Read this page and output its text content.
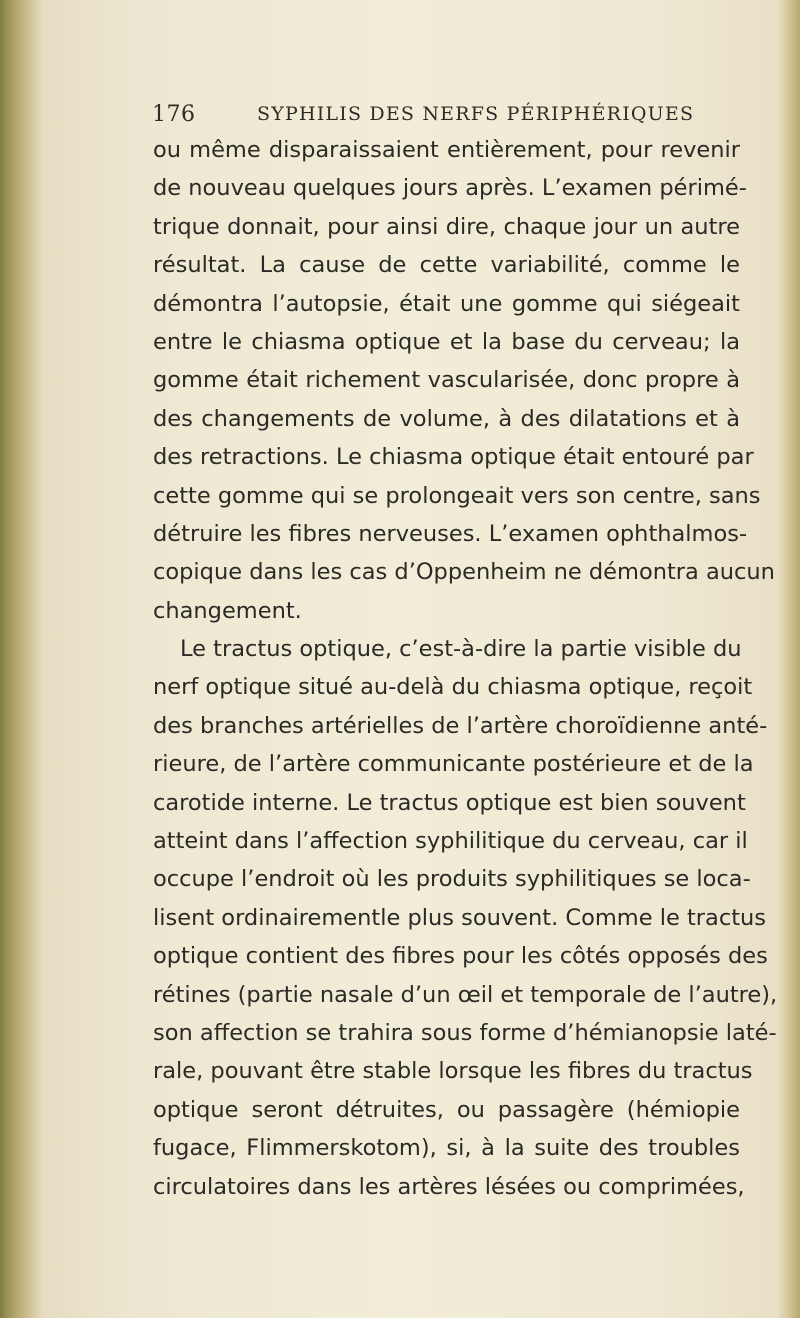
176	SYPHILIS DES NERFS PÉRIPHÉRIQUES
ou même disparaissaient entièrement, pour revenir
de nouveau quelques jours après. L’examen périmé-
trique donnait, pour ainsi dire, chaque jour un autre
résultat. La cause de cette variabilité, comme le
démontra l’autopsie, était une gomme qui siégeait
entre le chiasma optique et la base du cerveau; la
gomme était richement vascularisée, donc propre à
des changements de volume, à des dilatations et à
des retractions. Le chiasma optique était entouré par
cette gomme qui se prolongeait vers son centre, sans
détruire les fibres nerveuses. L’examen ophthalmos-
copique dans les cas d’Oppenheim ne démontra aucun
changement.
Le tractus optique, c’est-à-dire la partie visible du
nerf optique situé au-delà du chiasma optique, reçoit
des branches artérielles de l’artère choroïdienne anté-
rieure, de l’artère communicante postérieure et de la
carotide interne. Le tractus optique est bien souvent
atteint dans l’affection syphilitique du cerveau, car il
occupe l’endroit où les produits syphilitiques se loca-
lisent ordinairementle plus souvent. Comme le tractus
optique contient des fibres pour les côtés opposés des
rétines (partie nasale d’un œil et temporale de l’autre),
son affection se trahira sous forme d’hémianopsie laté-
rale, pouvant être stable lorsque les fibres du tractus
optique seront détruites, ou passagère (hémiopie
fugace, Flimmerskotom), si, à la suite des troubles
circulatoires dans les artères lésées ou comprimées,
